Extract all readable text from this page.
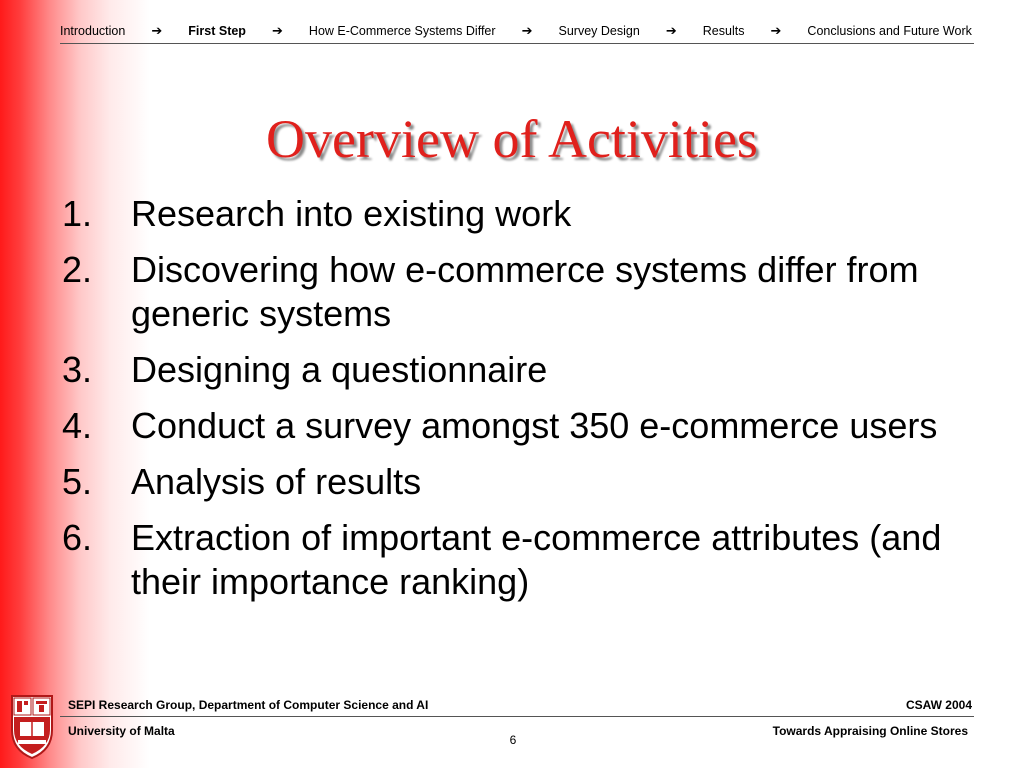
Introduction ➔ First Step ➔ How E-Commerce Systems Differ ➔ Survey Design ➔ Results ➔ Conclusions and Future Work
Overview of Activities
1.	Research into existing work
2.	Discovering how e-commerce systems differ from generic systems
3.	Designing a questionnaire
4.	Conduct a survey amongst 350 e-commerce users
5.	Analysis of results
6.	Extraction of important e-commerce attributes (and their importance ranking)
SEPI Research Group, Department of Computer Science and AI	CSAW 2004
University of Malta	Towards Appraising Online Stores
6
